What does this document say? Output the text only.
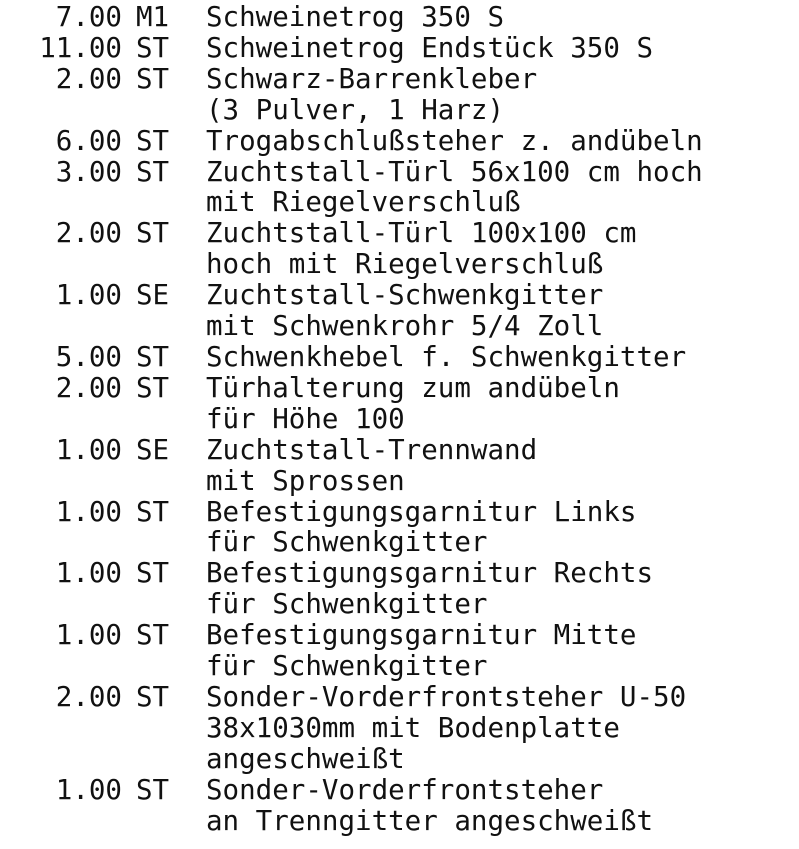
7.00 M1	Schweinetrog 350 S
11.00 ST	Schweinetrog Endstück 350 S
2.00 ST	Schwarz-Barrenkleber
(3 Pulver, 1 Harz)
6.00 ST	Trogabschlußsteher z. andübeln
3.00 ST	Zuchtstall-Türl 56x100 cm hoch
mit Riegelverschluß
2.00 ST	Zuchtstall-Türl 100x100 cm
hoch mit Riegelverschluß
1.00 SE	Zuchtstall-Schwenkgitter
mit Schwenkrohr 5/4 Zoll
5.00 ST	Schwenkhebel f. Schwenkgitter
2.00 ST	Türhalterung zum andübeln
für Höhe 100
1.00 SE	Zuchtstall-Trennwand
mit Sprossen
1.00 ST	Befestigungsgarnitur Links
für Schwenkgitter
1.00 ST	Befestigungsgarnitur Rechts
für Schwenkgitter
1.00 ST	Befestigungsgarnitur Mitte
für Schwenkgitter
2.00 ST	Sonder-Vorderfrontsteher U-50
38x1030mm mit Bodenplatte
angeschweißt
1.00 ST	Sonder-Vorderfrontsteher
an Trenngitter angeschweißt
